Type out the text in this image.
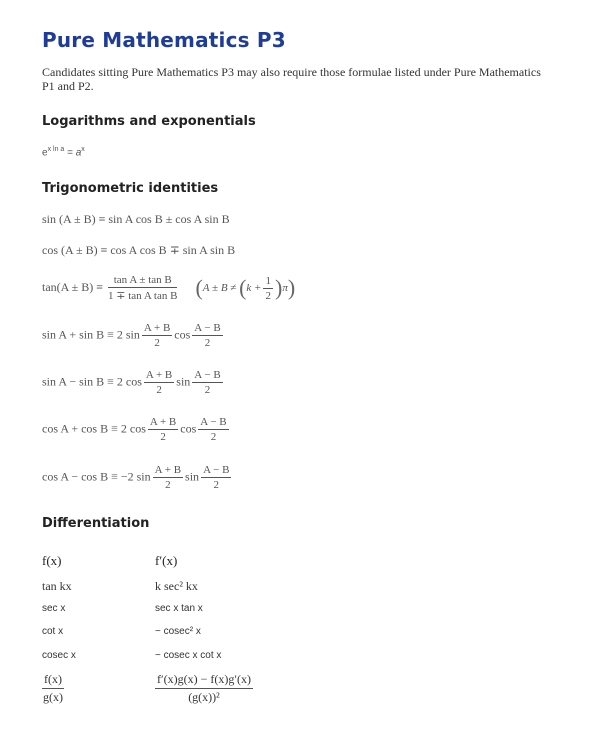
Pure Mathematics P3
Candidates sitting Pure Mathematics P3 may also require those formulae listed under Pure Mathematics P1 and P2.
Logarithms and exponentials
$e^{x ln a} = a^x$
Trigonometric identities
sin (A ± B) ≡ sin A cos B ± cos A sin B
cos (A ± B) ≡ cos A cos B ∓ sin A sin B
$\tan(A \pm B) \equiv \frac{\text{tan A ± tan B}}{\text{1 ∓ tan A tan B}} (A \pm B \ne (k + \frac{1}{2} )\pi)$
sin A + sin B ≡ 2 $\sin \frac{A + B}{2}$ $\cos \frac{A - B}{2}$
sin A − sin B ≡ 2 $\cos \frac{A + B}{2}$ $\sin \frac{A - B}{2}$
cos A + cos B ≡ 2 $\cos \frac{A + B}{2}$ $\cos \frac{A - B}{2}$
cos A − cos B ≡ −2 $\sin \frac{A + B}{2}$ $\sin \frac{A - B}{2}$
Differentiation
f(x)	f′(x)
tan kx	k sec² kx
sec x	sec x tan x
cot x	− cosec² x
cosec x	− cosec x cot x
$\frac{f(x)}{g(x)}$	$\frac{f'(x)g(x) - f(x)g'(x)}{\text{(g(x))²}}$
